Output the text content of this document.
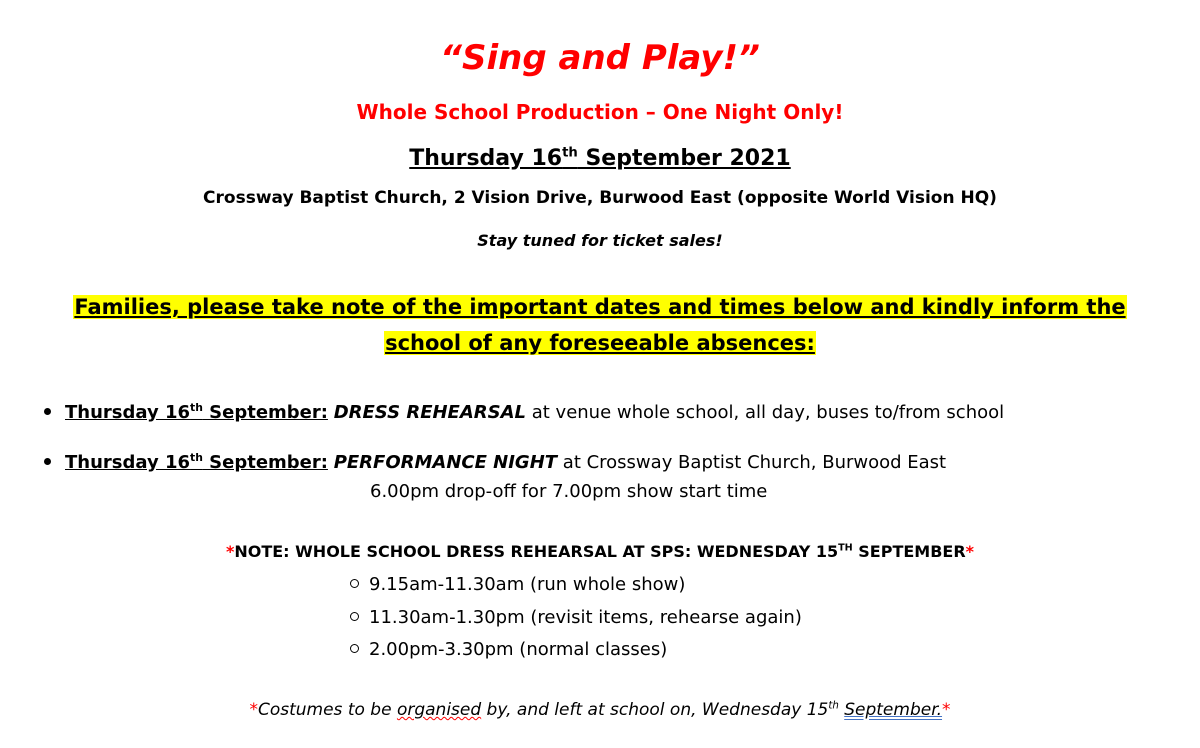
“Sing and Play!”
Whole School Production – One Night Only!
Thursday 16th September 2021
Crossway Baptist Church, 2 Vision Drive, Burwood East (opposite World Vision HQ)
Stay tuned for ticket sales!
Families, please take note of the important dates and times below and kindly inform the
school of any foreseeable absences:
Thursday 16th September: DRESS REHEARSAL at venue whole school, all day, buses to/from school
Thursday 16th September: PERFORMANCE NIGHT at Crossway Baptist Church, Burwood East
6.00pm drop-off for 7.00pm show start time
*NOTE: WHOLE SCHOOL DRESS REHEARSAL AT SPS: WEDNESDAY 15TH SEPTEMBER*
9.15am-11.30am (run whole show)
11.30am-1.30pm (revisit items, rehearse again)
2.00pm-3.30pm (normal classes)
*Costumes to be organised by, and left at school on, Wednesday 15th September.*
